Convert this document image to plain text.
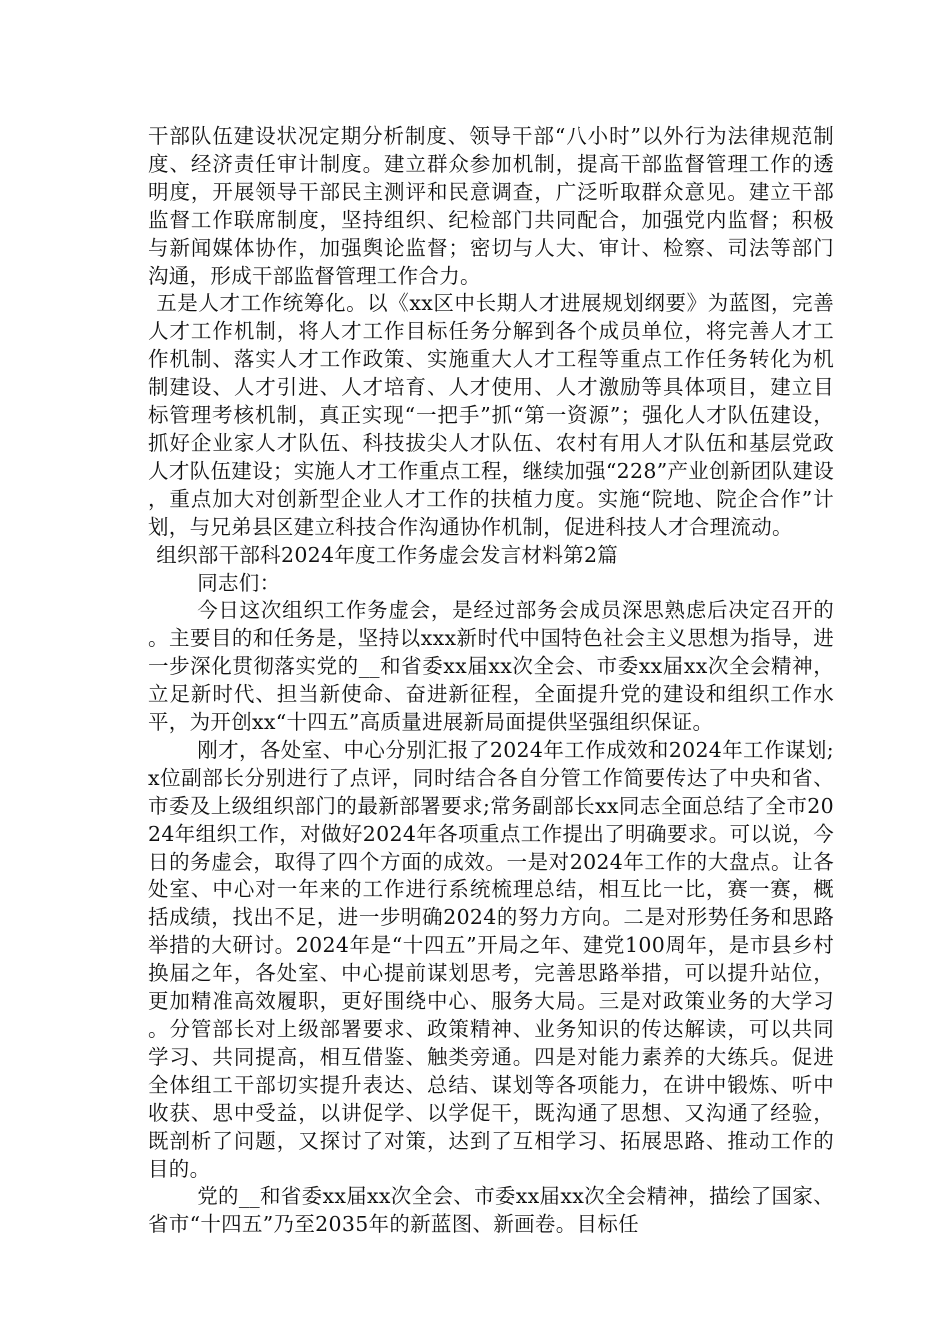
干部队伍建设状况定期分析制度、领导干部“八小时”以外行为法律规范制度、经济责任审计制度。建立群众参加机制，提高干部监督管理工作的透明度，开展领导干部民主测评和民意调查，广泛听取群众意见。建立干部监督工作联席制度，坚持组织、纪检部门共同配合，加强党内监督；积极与新闻媒体协作，加强舆论监督；密切与人大、审计、检察、司法等部门沟通，形成干部监督管理工作合力。

五是人才工作统筹化。以《xx区中长期人才进展规划纲要》为蓝图，完善人才工作机制，将人才工作目标任务分解到各个成员单位，将完善人才工作机制、落实人才工作政策、实施重大人才工程等重点工作任务转化为机制建设、人才引进、人才培育、人才使用、人才激励等具体项目，建立目标管理考核机制，真正实现“一把手”抓“第一资源”；强化人才队伍建设，抓好企业家人才队伍、科技拔尖人才队伍、农村有用人才队伍和基层党政人才队伍建设；实施人才工作重点工程，继续加强“228”产业创新团队建设，重点加大对创新型企业人才工作的扶植力度。实施“院地、院企合作”计划，与兄弟县区建立科技合作沟通协作机制，促进科技人才合理流动。

组织部干部科2024年度工作务虚会发言材料第2篇

同志们：

今日这次组织工作务虚会，是经过部务会成员深思熟虑后决定召开的。主要目的和任务是，坚持以xxx新时代中国特色社会主义思想为指导，进一步深化贯彻落实党的__和省委xx届xx次全会、市委xx届xx次全会精神，立足新时代、担当新使命、奋进新征程，全面提升党的建设和组织工作水平，为开创xx“十四五”高质量进展新局面提供坚强组织保证。

刚才，各处室、中心分别汇报了2024年工作成效和2024年工作谋划;x位副部长分别进行了点评，同时结合各自分管工作简要传达了中央和省、市委及上级组织部门的最新部署要求;常务副部长xx同志全面总结了全市2024年组织工作，对做好2024年各项重点工作提出了明确要求。可以说，今日的务虚会，取得了四个方面的成效。一是对2024年工作的大盘点。让各处室、中心对一年来的工作进行系统梳理总结，相互比一比，赛一赛，概括成绩，找出不足，进一步明确2024的努力方向。二是对形势任务和思路举措的大研讨。2024年是“十四五”开局之年、建党100周年，是市县乡村换届之年，各处室、中心提前谋划思考，完善思路举措，可以提升站位，更加精准高效履职，更好围绕中心、服务大局。三是对政策业务的大学习。分管部长对上级部署要求、政策精神、业务知识的传达解读，可以共同学习、共同提高，相互借鉴、触类旁通。四是对能力素养的大练兵。促进全体组工干部切实提升表达、总结、谋划等各项能力，在讲中锻炼、听中收获、思中受益，以讲促学、以学促干，既沟通了思想、又沟通了经验，既剖析了问题，又探讨了对策，达到了互相学习、拓展思路、推动工作的目的。

党的__和省委xx届xx次全会、市委xx届xx次全会精神，描绘了国家、省市“十四五”乃至2035年的新蓝图、新画卷。目标任
